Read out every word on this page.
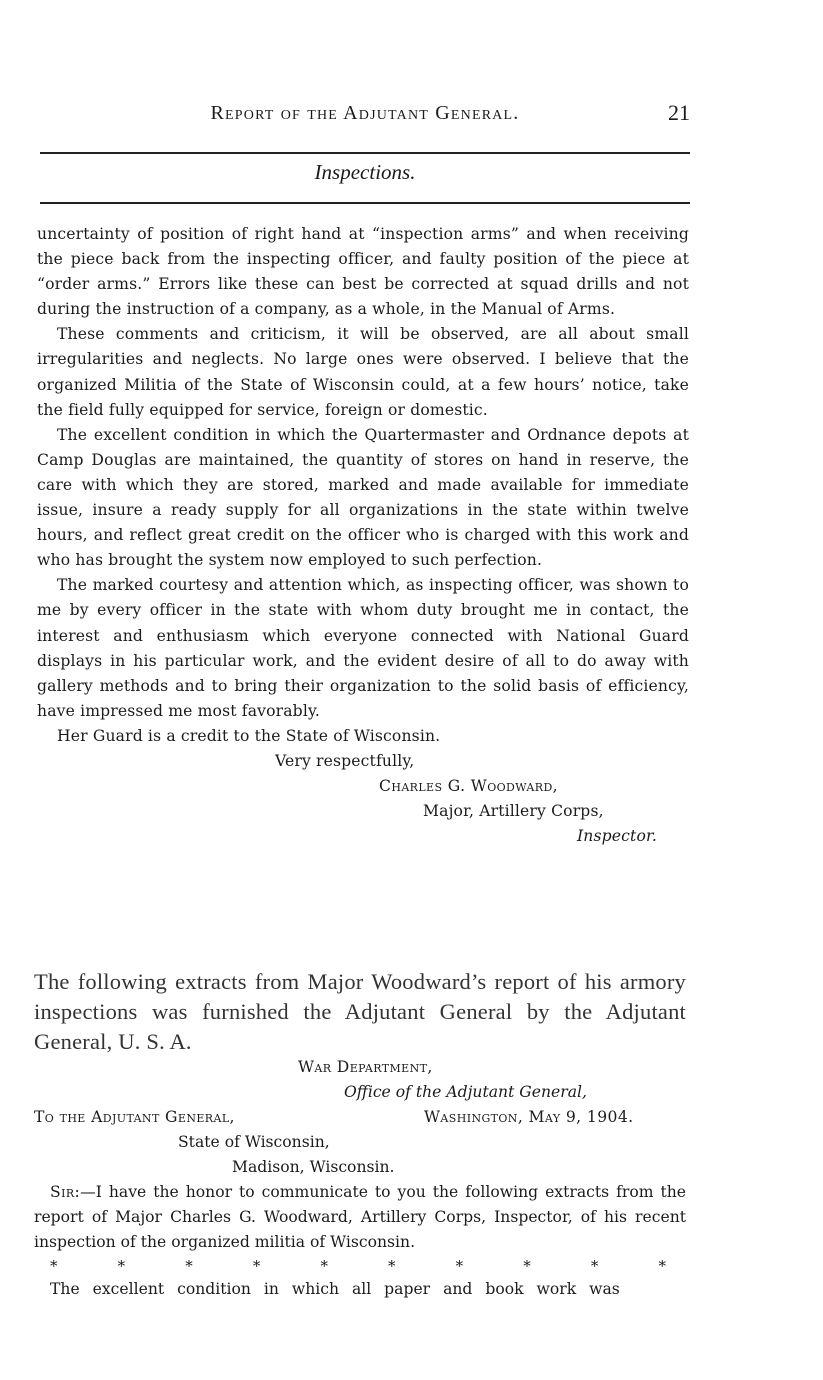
Report of the Adjutant General.	21
Inspections.

uncertainty of position of right hand at “inspection arms” and when receiving the piece back from the inspecting officer, and faulty position of the piece at “order arms.” Errors like these can best be corrected at squad drills and not during the instruction of a company, as a whole, in the Manual of Arms.

These comments and criticism, it will be observed, are all about small irregularities and neglects. No large ones were observed. I believe that the organized Militia of the State of Wisconsin could, at a few hours’ notice, take the field fully equipped for service, foreign or domestic.

The excellent condition in which the Quartermaster and Ordnance depots at Camp Douglas are maintained, the quantity of stores on hand in reserve, the care with which they are stored, marked and made available for immediate issue, insure a ready supply for all organizations in the state within twelve hours, and reflect great credit on the officer who is charged with this work and who has brought the system now employed to such perfection.

The marked courtesy and attention which, as inspecting officer, was shown to me by every officer in the state with whom duty brought me in contact, the interest and enthusiasm which everyone connected with National Guard displays in his particular work, and the evident desire of all to do away with gallery methods and to bring their organization to the solid basis of efficiency, have impressed me most favorably.

Her Guard is a credit to the State of Wisconsin.

Very respectfully,
Charles G. Woodward,
Major, Artillery Corps,
Inspector.
The following extracts from Major Woodward’s report of his armory inspections was furnished the Adjutant General by the Adjutant General, U. S. A.
War Department,
Office of the Adjutant General,
To the Adjutant General,	Washington, May 9, 1904.
State of Wisconsin,
Madison, Wisconsin.

Sir:—I have the honor to communicate to you the following extracts from the report of Major Charles G. Woodward, Artillery Corps, Inspector, of his recent inspection of the organized militia of Wisconsin.

*	*	*	*	*	*	*	*	*	*
The excellent condition in which all paper and book work was
